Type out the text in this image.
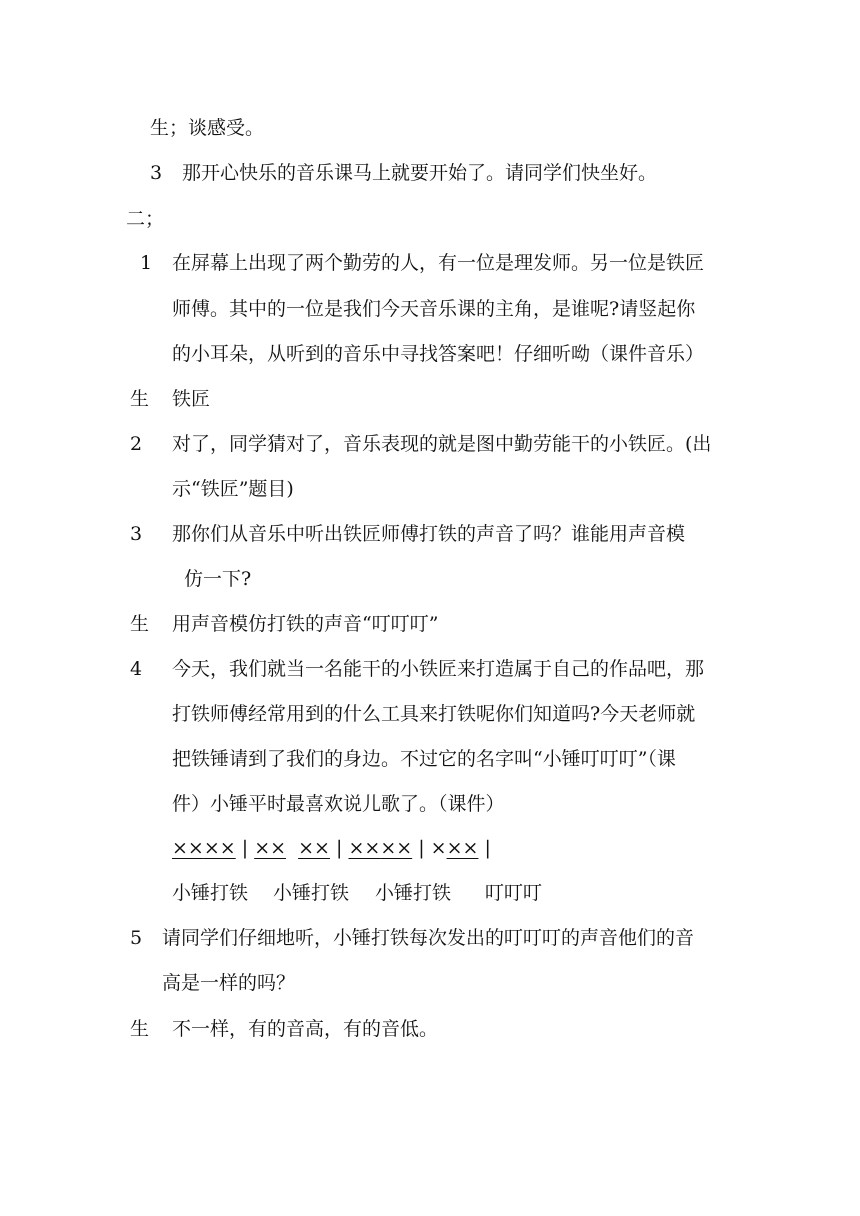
生；谈感受。
3 那开心快乐的音乐课马上就要开始了。请同学们快坐好。
二；
1 在屏幕上出现了两个勤劳的人，有一位是理发师。另一位是铁匠
师傅。其中的一位是我们今天音乐课的主角，是谁呢?请竖起你
的小耳朵，从听到的音乐中寻找答案吧！仔细听呦（课件音乐）
生 铁匠
2 对了，同学猜对了，音乐表现的就是图中勤劳能干的小铁匠。(出
示“铁匠”题目)
3 那你们从音乐中听出铁匠师傅打铁的声音了吗？谁能用声音模
仿一下?
生 用声音模仿打铁的声音“叮叮叮”
4 今天，我们就当一名能干的小铁匠来打造属于自己的作品吧，那
打铁师傅经常用到的什么工具来打铁呢你们知道吗?今天老师就
把铁锤请到了我们的身边。不过它的名字叫“小锤叮叮叮”（课
件）小锤平时最喜欢说儿歌了。（课件）
×××× | ×× ×× | ×××× | ××× |
小锤打铁 小锤打铁 小锤打铁 叮叮叮
5 请同学们仔细地听，小锤打铁每次发出的叮叮叮的声音他们的音
高是一样的吗？
生 不一样，有的音高，有的音低。
